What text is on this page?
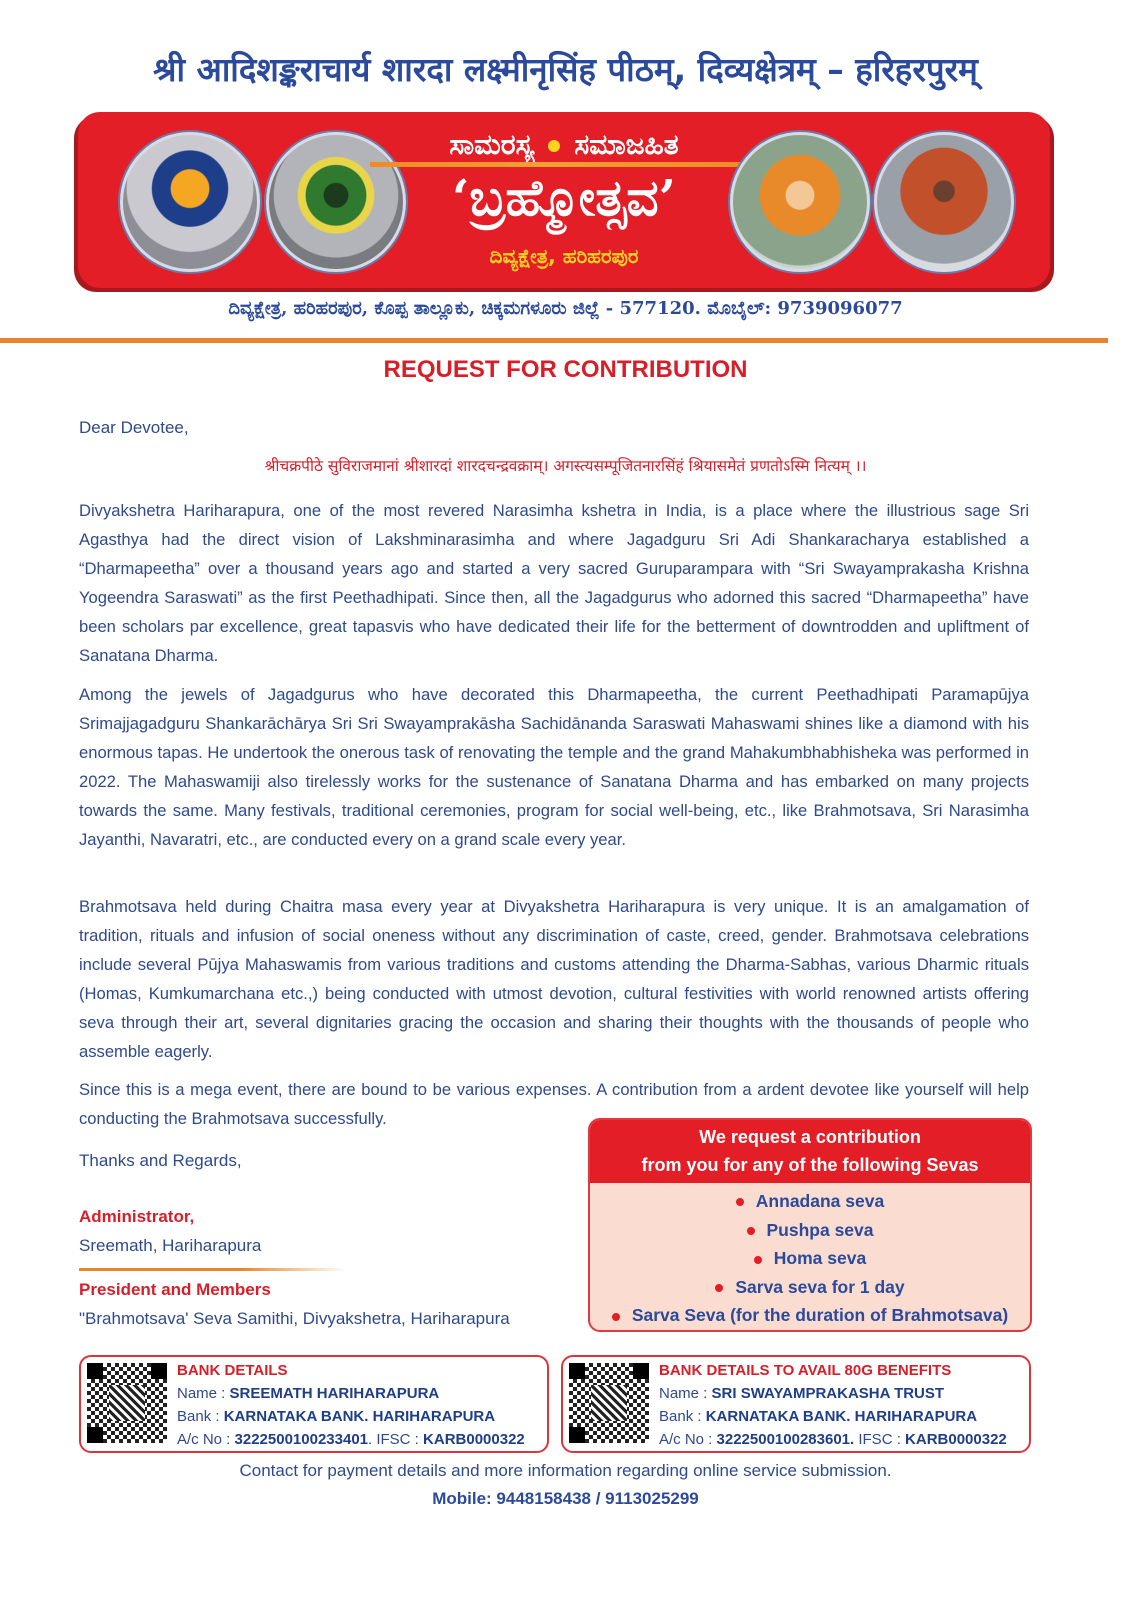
श्री आदिशङ्कराचार्य शारदा लक्ष्मीनृसिंह पीठम्, दिव्यक्षेत्रम् – हरिहरपुरम्
ಸಾಮರಸ್ಯ ಸಮಾಜಹಿತ
‘ಬ್ರಹ್ಮೋತ್ಸವ’
ದಿವ್ಯಕ್ಷೇತ್ರ, ಹರಿಹರಪುರ
ದಿವ್ಯಕ್ಷೇತ್ರ, ಹರಿಹರಪುರ, ಕೊಪ್ಪ ತಾಲ್ಲೂಕು, ಚಿಕ್ಕಮಗಳೂರು ಜಿಲ್ಲೆ - 577120. ಮೊಬೈಲ್: 9739096077
REQUEST FOR CONTRIBUTION
Dear Devotee,
श्रीचक्रपीठे सुविराजमानां श्रीशारदां शारदचन्द्रवक्राम्। अगस्त्यसम्पूजितनारसिंहं श्रियासमेतं प्रणतोऽस्मि नित्यम् ।।
Divyakshetra Hariharapura, one of the most revered Narasimha kshetra in India, is a place where the illustrious sage Sri Agasthya had the direct vision of Lakshminarasimha and where Jagadguru Sri Adi Shankaracharya established a “Dharmapeetha” over a thousand years ago and started a very sacred Guruparampara with “Sri Swayamprakasha Krishna Yogeendra Saraswati” as the first Peethadhipati. Since then, all the Jagadgurus who adorned this sacred “Dharmapeetha” have been scholars par excellence, great tapasvis who have dedicated their life for the betterment of downtrodden and upliftment of Sanatana Dharma.
Among the jewels of Jagadgurus who have decorated this Dharmapeetha, the current Peethadhipati Paramapūjya Srimajjagadguru Shankarāchārya Sri Sri Swayamprakāsha Sachidānanda Saraswati Mahaswami shines like a diamond with his enormous tapas. He undertook the onerous task of renovating the temple and the grand Mahakumbhabhisheka was performed in 2022. The Mahaswamiji also tirelessly works for the sustenance of Sanatana Dharma and has embarked on many projects towards the same. Many festivals, traditional ceremonies, program for social well-being, etc., like Brahmotsava, Sri Narasimha Jayanthi, Navaratri, etc., are conducted every on a grand scale every year.
Brahmotsava held during Chaitra masa every year at Divyakshetra Hariharapura is very unique. It is an amalgamation of tradition, rituals and infusion of social oneness without any discrimination of caste, creed, gender. Brahmotsava celebrations include several Pūjya Mahaswamis from various traditions and customs attending the Dharma-Sabhas, various Dharmic rituals (Homas, Kumkumarchana etc.,) being conducted with utmost devotion, cultural festivities with world renowned artists offering seva through their art, several dignitaries gracing the occasion and sharing their thoughts with the thousands of people who assemble eagerly.
Since this is a mega event, there are bound to be various expenses. A contribution from a ardent devotee like yourself will help conducting the Brahmotsava successfully.
Thanks and Regards,
Administrator,
Sreemath, Hariharapura
President and Members
"Brahmotsava' Seva Samithi, Divyakshetra, Hariharapura
We request a contribution
from you for any of the following Sevas
Annadana seva
Pushpa seva
Homa seva
Sarva seva for 1 day
Sarva Seva (for the duration of Brahmotsava)
BANK DETAILS
Name : SREEMATH HARIHARAPURA
Bank : KARNATAKA BANK. HARIHARAPURA
A/c No : 3222500100233401. IFSC : KARB0000322
BANK DETAILS TO AVAIL 80G BENEFITS
Name : SRI SWAYAMPRAKASHA TRUST
Bank : KARNATAKA BANK. HARIHARAPURA
A/c No : 3222500100283601. IFSC : KARB0000322
Contact for payment details and more information regarding online service submission.
Mobile: 9448158438 / 9113025299
